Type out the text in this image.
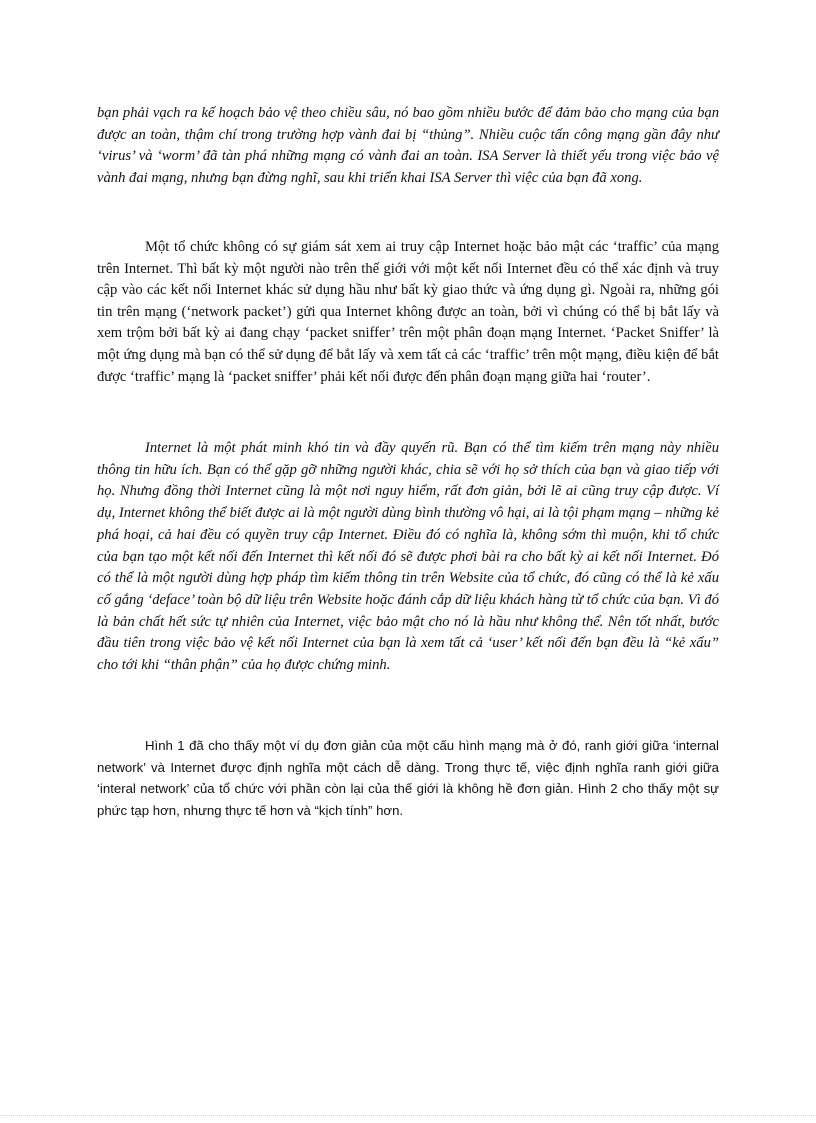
bạn phải vạch ra kế hoạch bảo vệ theo chiều sâu, nó bao gồm nhiều bước để đảm bảo cho mạng của bạn được an toàn, thậm chí trong trường hợp vành đai bị “thủng”. Nhiều cuộc tấn công mạng gần đây như ‘virus’ và ‘worm’ đã tàn phá những mạng có vành đai an toàn. ISA Server là thiết yếu trong việc bảo vệ vành đai mạng, nhưng bạn đừng nghĩ, sau khi triển khai ISA Server thì việc của bạn đã xong.

Một tổ chức không có sự giám sát xem ai truy cập Internet hoặc bảo mật các ‘traffic’ của mạng trên Internet. Thì bất kỳ một người nào trên thế giới với một kết nối Internet đều có thể xác định và truy cập vào các kết nối Internet khác sử dụng hầu như bất kỳ giao thức và ứng dụng gì. Ngoài ra, những gói tin trên mạng (‘network packet’) gửi qua Internet không được an toàn, bởi vì chúng có thể bị bắt lấy và xem trộm bởi bất kỳ ai đang chạy ‘packet sniffer’ trên một phân đoạn mạng Internet. ‘Packet Sniffer’ là một ứng dụng mà bạn có thể sử dụng để bắt lấy và xem tất cả các ‘traffic’ trên một mạng, điều kiện để bắt được ‘traffic’ mạng là ‘packet sniffer’ phải kết nối được đến phân đoạn mạng giữa hai ‘router’.

Internet là một phát minh khó tin và đầy quyến rũ. Bạn có thể tìm kiếm trên mạng này nhiều thông tin hữu ích. Bạn có thể gặp gỡ những người khác, chia sẽ với họ sở thích của bạn và giao tiếp với họ. Nhưng đồng thời Internet cũng là một nơi nguy hiểm, rất đơn giản, bởi lẽ ai cũng truy cập được. Ví dụ, Internet không thể biết được ai là một người dùng bình thường vô hại, ai là tội phạm mạng – những kẻ phá hoại, cả hai đều có quyền truy cập Internet. Điều đó có nghĩa là, không sớm thì muộn, khi tổ chức của bạn tạo một kết nối đến Internet thì kết nối đó sẽ được phơi bài ra cho bất kỳ ai kết nối Internet. Đó có thể là một người dùng hợp pháp tìm kiếm thông tin trên Website của tổ chức, đó cũng có thể là kẻ xấu cố gắng ‘deface’ toàn bộ dữ liệu trên Website hoặc đánh cắp dữ liệu khách hàng từ tổ chức của bạn. Vì đó là bản chất hết sức tự nhiên của Internet, việc bảo mật cho nó là hầu như không thể. Nên tốt nhất, bước đầu tiên trong việc bảo vệ kết nối Internet của bạn là xem tất cả ‘user’ kết nối đến bạn đều là “kẻ xấu” cho tới khi “thân phận” của họ được chứng minh.

Hình 1 đã cho thấy một ví dụ đơn giản của một cấu hình mạng mà ở đó, ranh giới giữa ‘internal network’ và Internet được định nghĩa một cách dễ dàng. Trong thực tế, việc định nghĩa ranh giới giữa ‘interal network’ của tổ chức với phần còn lại của thế giới là không hề đơn giản. Hình 2 cho thấy một sự phức tạp hơn, nhưng thực tế hơn và “kịch tính” hơn.
